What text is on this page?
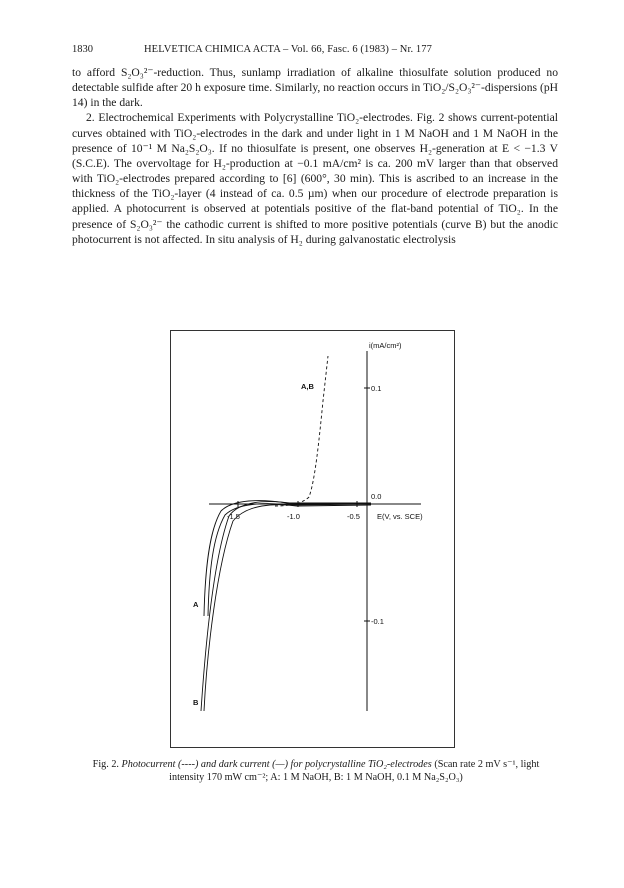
1830	HELVETICA CHIMICA ACTA – Vol. 66, Fasc. 6 (1983) – Nr. 177

to afford S₂O₃²⁻-reduction. Thus, sunlamp irradiation of alkaline thiosulfate solution produced no detectable sulfide after 20 h exposure time. Similarly, no reaction occurs in TiO₂/S₂O₃²⁻-dispersions (pH 14) in the dark.

2. Electrochemical Experiments with Polycrystalline TiO₂-electrodes. Fig. 2 shows current-potential curves obtained with TiO₂-electrodes in the dark and under light in 1 M NaOH and 1 M NaOH in the presence of 10⁻¹ M Na₂S₂O₃. If no thiosulfate is present, one observes H₂-generation at E < −1.3 V (S.C.E). The overvoltage for H₂-production at −0.1 mA/cm² is ca. 200 mV larger than that observed with TiO₂-electrodes prepared according to [6] (600°, 30 min). This is ascribed to an increase in the thickness of the TiO₂-layer (4 instead of ca. 0.5 µm) when our procedure of electrode preparation is applied. A photocurrent is observed at potentials positive of the flat-band potential of TiO₂. In the presence of S₂O₃²⁻ the cathodic current is shifted to more positive potentials (curve B) but the anodic photocurrent is not affected. In situ analysis of H₂ during galvanostatic electrolysis

i(mA/cm²)
E(V, vs. SCE)
-1.5	-1.0	-0.5
0.1
0.0
-0.1
A,B
A
B
Fig. 2. Photocurrent (----) and dark current (—) for polycrystalline TiO₂-electrodes (Scan rate 2 mV s⁻¹, light intensity 170 mW cm⁻²; A: 1 M NaOH, B: 1 M NaOH, 0.1 M Na₂S₂O₃)
